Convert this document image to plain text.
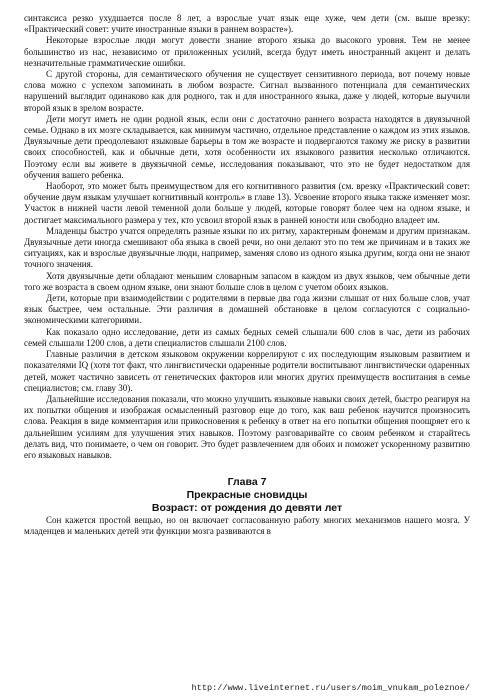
синтаксиса резко ухудшается после 8 лет, а взрослые учат язык еще хуже, чем дети (см. выше врезку: «Практический совет: учите иностранные языки в раннем возрасте»).

Некоторые взрослые люди могут довести знание второго языка до высокого уровня. Тем не менее большинство из нас, независимо от приложенных усилий, всегда будут иметь иностранный акцент и делать незначительные грамматические ошибки.

С другой стороны, для семантического обучения не существует сензитивного периода, вот почему новые слова можно с успехом запоминать в любом возрасте. Сигнал вызванного потенциала для семантических нарушений выглядит одинаково как для родного, так и для иностранного языка, даже у людей, которые выучили второй язык в зрелом возрасте.

Дети могут иметь не один родной язык, если они с достаточно раннего возраста находятся в двуязычной семье. Однако в их мозге складывается, как минимум частично, отдельное представление о каждом из этих языков. Двуязычные дети преодолевают языковые барьеры в том же возрасте и подвергаются такому же риску в развитии своих способностей, как и обычные дети, хотя особенности их языкового развития несколько отличаются. Поэтому если вы живете в двуязычной семье, исследования показывают, что это не будет недостатком для обучения вашего ребенка.

Наоборот, это может быть преимуществом для его когнитивного развития (см. врезку «Практический совет: обучение двум языкам улучшает когнитивный контроль» в главе 13). Усвоение второго языка также изменяет мозг. Участок в нижней части левой теменной доли больше у людей, которые говорят более чем на одном языке, и достигает максимального размера у тех, кто усвоил второй язык в ранней юности или свободно владеет им.

Младенцы быстро учатся определять разные языки по их ритму, характерным фонемам и другим признакам. Двуязычные дети иногда смешивают оба языка в своей речи, но они делают это по тем же причинам и в таких же ситуациях, как и взрослые двуязычные люди, например, заменяя слово из одного языка другим, когда они не знают точного значения.

Хотя двуязычные дети обладают меньшим словарным запасом в каждом из двух языков, чем обычные дети того же возраста в своем одном языке, они знают больше слов в целом с учетом обоих языков.

Дети, которые при взаимодействии с родителями в первые два года жизни слышат от них больше слов, учат язык быстрее, чем остальные. Эти различия в домашней обстановке в целом согласуются с социально-экономическими категориями.

Как показало одно исследование, дети из самых бедных семей слышали 600 слов в час, дети из рабочих семей слышали 1200 слов, а дети специалистов слышали 2100 слов.

Главные различия в детском языковом окружении коррелируют с их последующим языковым развитием и показателями IQ (хотя тот факт, что лингвистически одаренные родители воспитывают лингвистически одаренных детей, может частично зависеть от генетических факторов или многих других преимуществ воспитания в семье специалистов; см. главу 30).

Дальнейшие исследования показали, что можно улучшить языковые навыки своих детей, быстро реагируя на их попытки общения и изображая осмысленный разговор еще до того, как ваш ребенок научится произносить слова. Реакция в виде комментария или прикосновения к ребенку в ответ на его попытки общения поощряет его к дальнейшим усилиям для улучшения этих навыков. Поэтому разговаривайте со своим ребенком и старайтесь делать вид, что понимаете, о чем он говорит. Это будет развлечением для обоих и поможет ускоренному развитию его языковых навыков.

Глава 7
Прекрасные сновидцы
Возраст: от рождения до девяти лет

Сон кажется простой вещью, но он включает согласованную работу многих механизмов нашего мозга. У младенцев и маленьких детей эти функции мозга развиваются в

http://www.liveinternet.ru/users/moim_vnukam_poleznoe/
